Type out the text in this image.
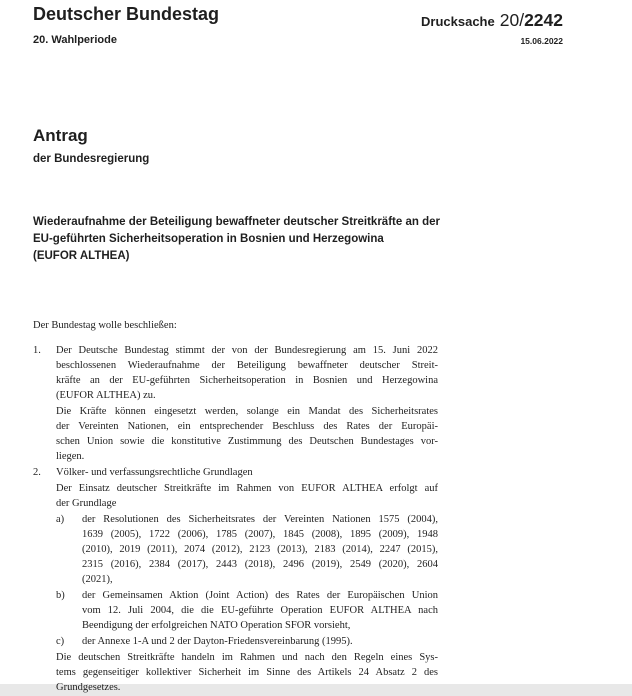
Deutscher Bundestag
20. Wahlperiode
Drucksache 20/ 2242
15.06.2022
Antrag
der Bundesregierung
Wiederaufnahme der Beteiligung bewaffneter deutscher Streitkräfte an der
EU-geführten Sicherheitsoperation in Bosnien und Herzegowina
(EUFOR ALTHEA)
Der Bundestag wolle beschließen:
1.	Der Deutsche Bundestag stimmt der von der Bundesregierung am 15. Juni 2022
beschlossenen Wiederaufnahme der Beteiligung bewaffneter deutscher Streit-
kräfte an der EU-geführten Sicherheitsoperation in Bosnien und Herzegowina
(EUFOR ALTHEA) zu.
Die Kräfte können eingesetzt werden, solange ein Mandat des Sicherheitsrates
der Vereinten Nationen, ein entsprechender Beschluss des Rates der Europäi-
schen Union sowie die konstitutive Zustimmung des Deutschen Bundestages vor-
liegen.
2.	Völker- und verfassungsrechtliche Grundlagen
Der Einsatz deutscher Streitkräfte im Rahmen von EUFOR ALTHEA erfolgt auf
der Grundlage
a)	der Resolutionen des Sicherheitsrates der Vereinten Nationen 1575 (2004),
1639 (2005), 1722 (2006), 1785 (2007), 1845 (2008), 1895 (2009), 1948
(2010), 2019 (2011), 2074 (2012), 2123 (2013), 2183 (2014), 2247 (2015),
2315 (2016), 2384 (2017), 2443 (2018), 2496 (2019), 2549 (2020), 2604
(2021),
b)	der Gemeinsamen Aktion (Joint Action) des Rates der Europäischen Union
vom 12. Juli 2004, die die EU-geführte Operation EUFOR ALTHEA nach
Beendigung der erfolgreichen NATO Operation SFOR vorsieht,
c)	der Annexe 1-A und 2 der Dayton-Friedensvereinbarung (1995).
Die deutschen Streitkräfte handeln im Rahmen und nach den Regeln eines Sys-
tems gegenseitiger kollektiver Sicherheit im Sinne des Artikels 24 Absatz 2 des
Grundgesetzes.
